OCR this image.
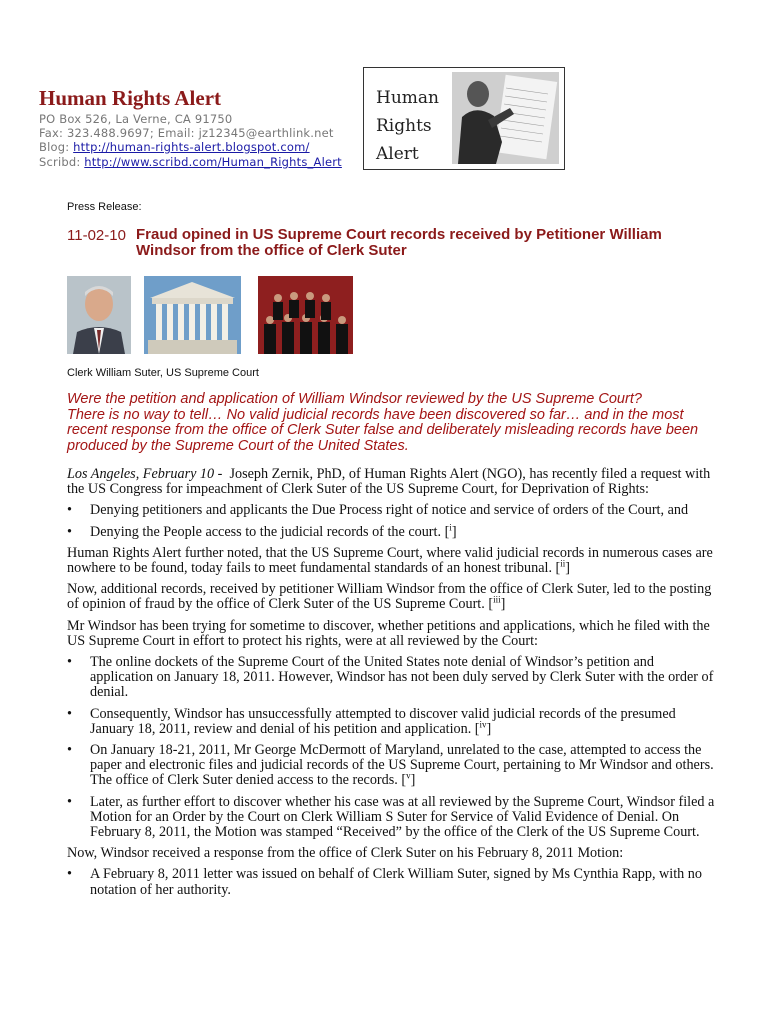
Human Rights Alert
PO Box 526, La Verne, CA 91750
Fax: 323.488.9697; Email: jz12345@earthlink.net
Blog: http://human-rights-alert.blogspot.com/
Scribd: http://www.scribd.com/Human_Rights_Alert
Human
Rights
Alert
Press Release:
11-02-10 Fraud opined in US Supreme Court records received by Petitioner William
Windsor from the office of Clerk Suter
Clerk William Suter, US Supreme Court
Were the petition and application of William Windsor reviewed by the US Supreme Court?
There is no way to tell… No valid judicial records have been discovered so far… and in the most
recent response from the office of Clerk Suter false and deliberately misleading records have been
produced by the Supreme Court of the United States.

Los Angeles, February 10 - Joseph Zernik, PhD, of Human Rights Alert (NGO), has recently filed a request with the US Congress for impeachment of Clerk Suter of the US Supreme Court, for Deprivation of Rights:

• Denying petitioners and applicants the Due Process right of notice and service of orders of the Court, and
• Denying the People access to the judicial records of the court. [$^i$]

Human Rights Alert further noted, that the US Supreme Court, where valid judicial records in numerous cases are nowhere to be found, today fails to meet fundamental standards of an honest tribunal. [$^{ii}$]

Now, additional records, received by petitioner William Windsor from the office of Clerk Suter, led to the posting of opinion of fraud by the office of Clerk Suter of the US Supreme Court. [$^{iii}$]

Mr Windsor has been trying for sometime to discover, whether petitions and applications, which he filed with the US Supreme Court in effort to protect his rights, were at all reviewed by the Court:

• The online dockets of the Supreme Court of the United States note denial of Windsor’s petition and application on January 18, 2011. However, Windsor has not been duly served by Clerk Suter with the order of denial.
• Consequently, Windsor has unsuccessfully attempted to discover valid judicial records of the presumed January 18, 2011, review and denial of his petition and application. [$^{iv}$]
• On January 18-21, 2011, Mr George McDermott of Maryland, unrelated to the case, attempted to access the paper and electronic files and judicial records of the US Supreme Court, pertaining to Mr Windsor and others. The office of Clerk Suter denied access to the records. [$^v$]
• Later, as further effort to discover whether his case was at all reviewed by the Supreme Court, Windsor filed a Motion for an Order by the Court on Clerk William S Suter for Service of Valid Evidence of Denial. On February 8, 2011, the Motion was stamped “Received” by the office of the Clerk of the US Supreme Court.

Now, Windsor received a response from the office of Clerk Suter on his February 8, 2011 Motion:

• A February 8, 2011 letter was issued on behalf of Clerk William Suter, signed by Ms Cynthia Rapp, with no notation of her authority.
